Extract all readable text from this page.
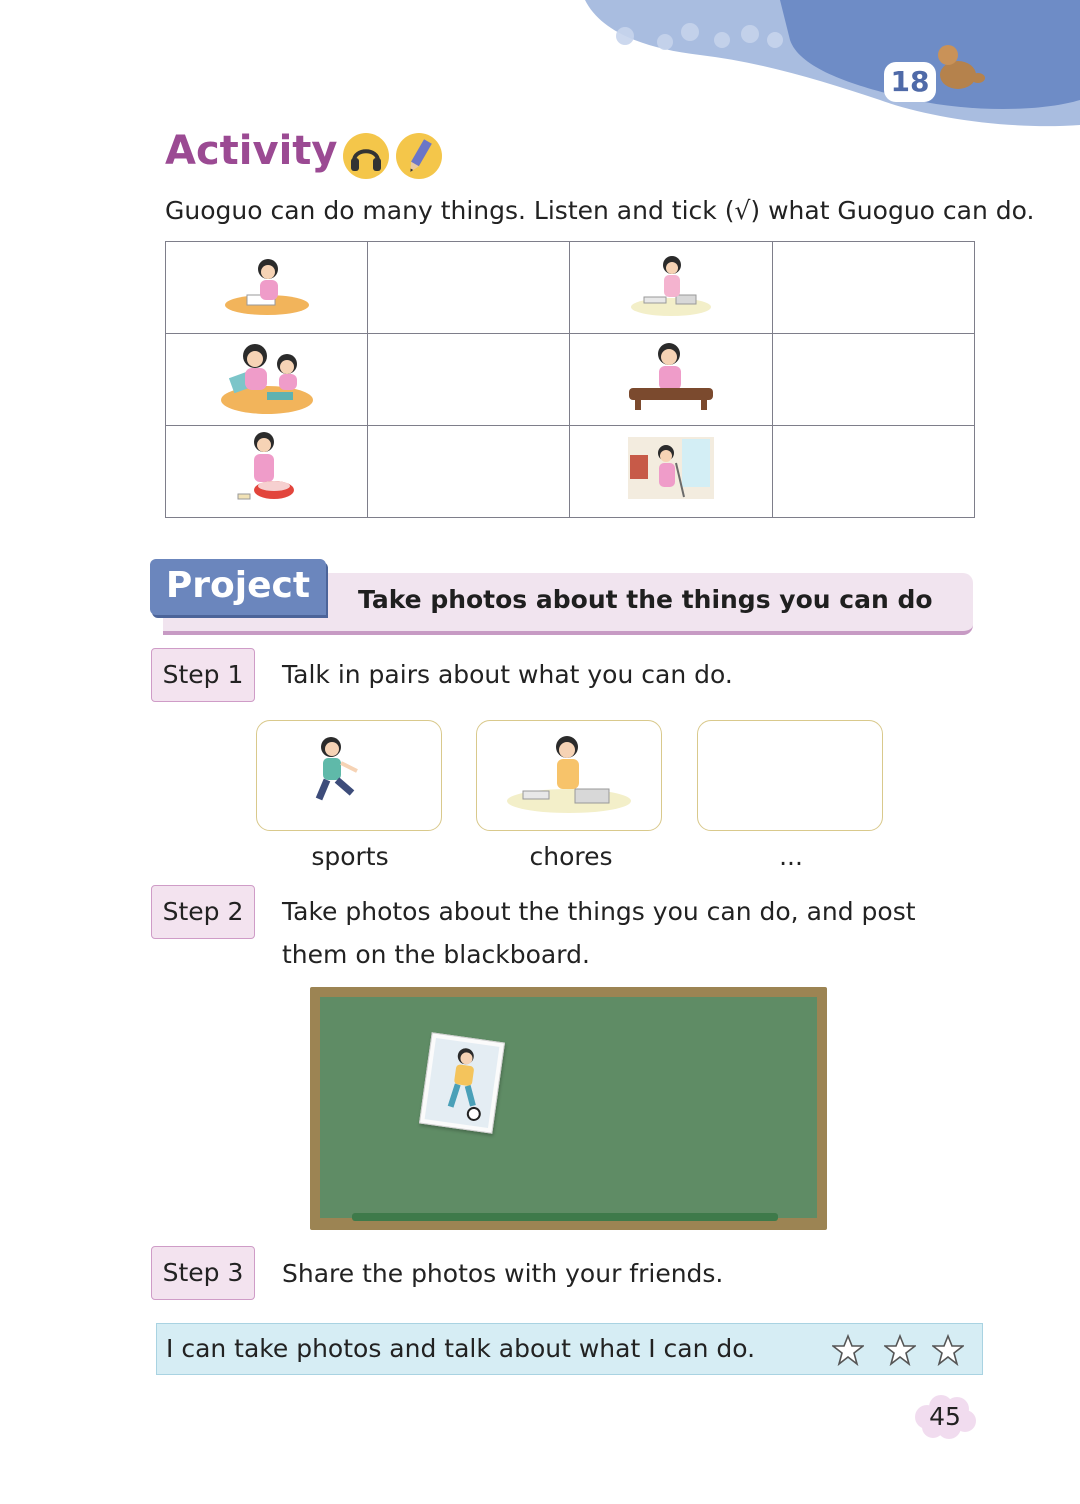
18
Activity
Guoguo can do many things. Listen and tick (√) what Guoguo can do.

Project	Take photos about the things you can do
Step 1	Talk in pairs about what you can do.
sports	chores	...
Step 2	Take photos about the things you can do, and post them on the blackboard.
Step 3	Share the photos with your friends.
I can take photos and talk about what I can do.
45
